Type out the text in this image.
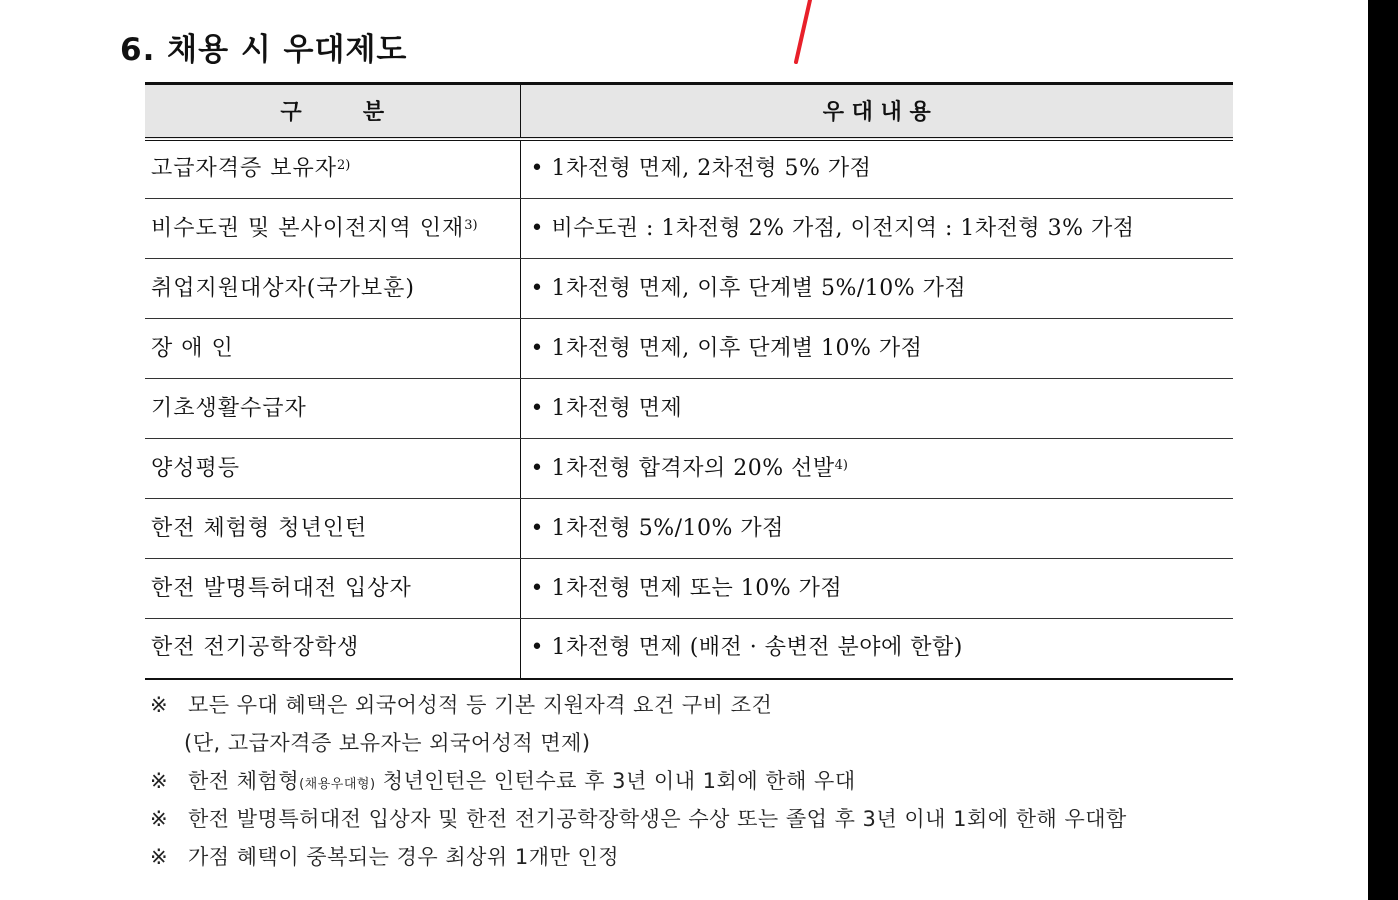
6. 채용 시 우대제도
구        분	우 대 내 용
고급자격증 보유자$^{2)}$	• 1차전형 면제, 2차전형 5% 가점
비수도권 및 본사이전지역 인재$^{3)}$	• 비수도권 : 1차전형 2% 가점, 이전지역 : 1차전형 3% 가점
취업지원대상자(국가보훈)	• 1차전형 면제, 이후 단계별 5%/10% 가점
장 애 인	• 1차전형 면제, 이후 단계별 10% 가점
기초생활수급자	• 1차전형 면제
양성평등	• 1차전형 합격자의 20% 선발$^{4)}$
한전 체험형 청년인턴	• 1차전형 5%/10% 가점
한전 발명특허대전 입상자	• 1차전형 면제 또는 10% 가점
한전 전기공학장학생	• 1차전형 면제 (배전 · 송변전 분야에 한함)
※ 모든 우대 혜택은 외국어성적 등 기본 지원자격 요건 구비 조건
(단, 고급자격증 보유자는 외국어성적 면제)
※ 한전 체험형(채용우대형) 청년인턴은 인턴수료 후 3년 이내 1회에 한해 우대
※ 한전 발명특허대전 입상자 및 한전 전기공학장학생은 수상 또는 졸업 후 3년 이내 1회에 한해 우대함
※ 가점 혜택이 중복되는 경우 최상위 1개만 인정
